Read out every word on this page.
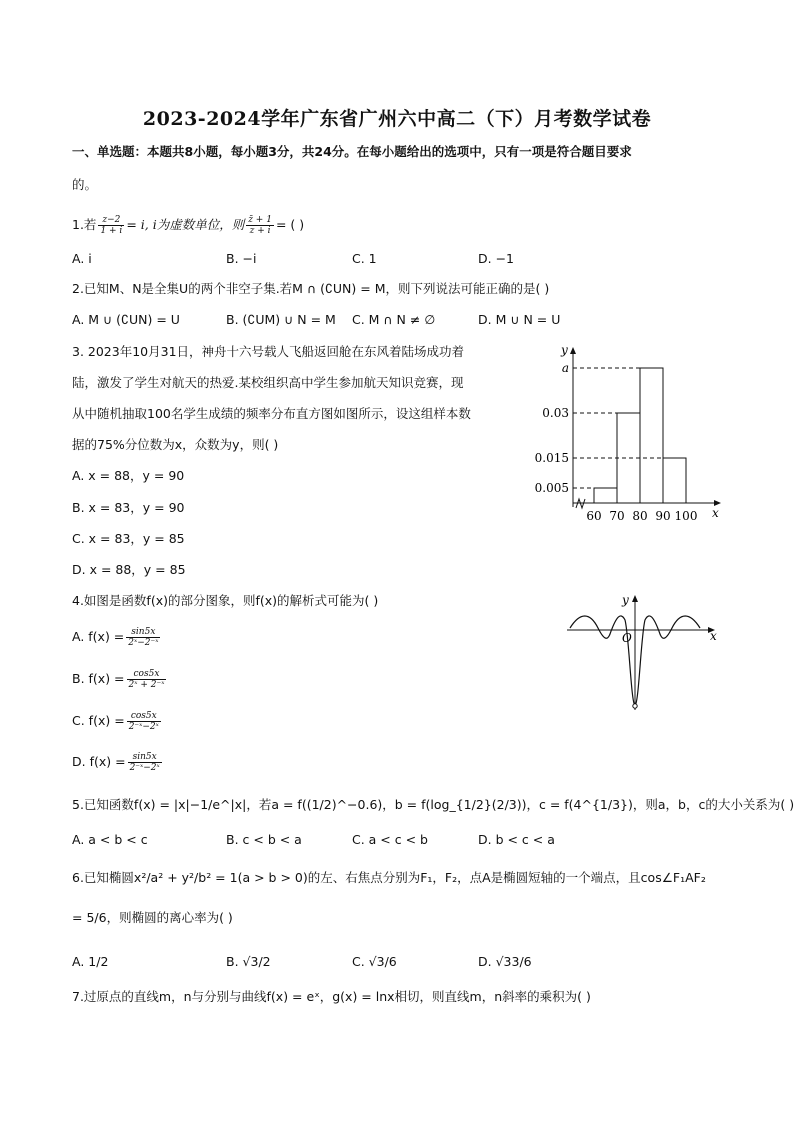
2023-2024学年广东省广州六中高二（下）月考数学试卷
一、单选题：本题共8小题，每小题3分，共24分。在每小题给出的选项中，只有一项是符合题目要求
的。
1.若 $\frac{z-2}{1 + i} = i$, i为虚数单位，则 $\frac{z̄ + 1}{z + i}$ = ( )
A. i	B. −i	C. 1	D. −1
2.已知M、N是全集U的两个非空子集.若M ∩ (∁UN) = M，则下列说法可能正确的是( )
A. M ∪ (∁UN) = U	B. (∁UM) ∪ N = M C. M ∩ N ≠ ∅	D. M ∪ N = U
3. 2023年10月31日，神舟十六号载人飞船返回舱在东风着陆场成功着
陆，激发了学生对航天的热爱.某校组织高中学生参加航天知识竞赛，现
从中随机抽取100名学生成绩的频率分布直方图如图所示，设这组样本数
据的75%分位数为x，众数为y，则( )
A. x = 88，y = 90
B. x = 83，y = 90
C. x = 83，y = 85
D. x = 88，y = 85
y
x
a
0.03
0.015
0.005
60 70 80 90 100
4.如图是函数f(x)的部分图象，则f(x)的解析式可能为( )
A. $f(x) = \frac{\sin 5x}{\text{2ˣ−2⁻ˣ}}$
B. $f(x) = \frac{\cos 5x}{\text{2ˣ + 2⁻ˣ}}$
C. $f(x) = \frac{\cos 5x}{\text{2⁻ˣ−2ˣ}}$
D. $f(x) = \frac{\sin 5x}{\text{2⁻ˣ−2ˣ}}$
y
O	x
5.已知函数f(x) = |x|−1/e^|x|，若a = f((1/2)^−0.6)，b = f(log_{1/2}(2/3))，c = f(4^{1/3})，则a，b，c的大小关系为( )
A. a < b < c	B. c < b < a	C. a < c < b	D. b < c < a
6.已知椭圆x²/a² + y²/b² = 1(a > b > 0)的左、右焦点分别为F₁，F₂，点A是椭圆短轴的一个端点，且cos∠F₁AF₂
= 5/6，则椭圆的离心率为( )
A. 1/2	B. √3/2	C. √3/6	D. √33/6
7.过原点的直线m，n与分别与曲线f(x) = eˣ，g(x) = lnx相切，则直线m，n斜率的乘积为( )
